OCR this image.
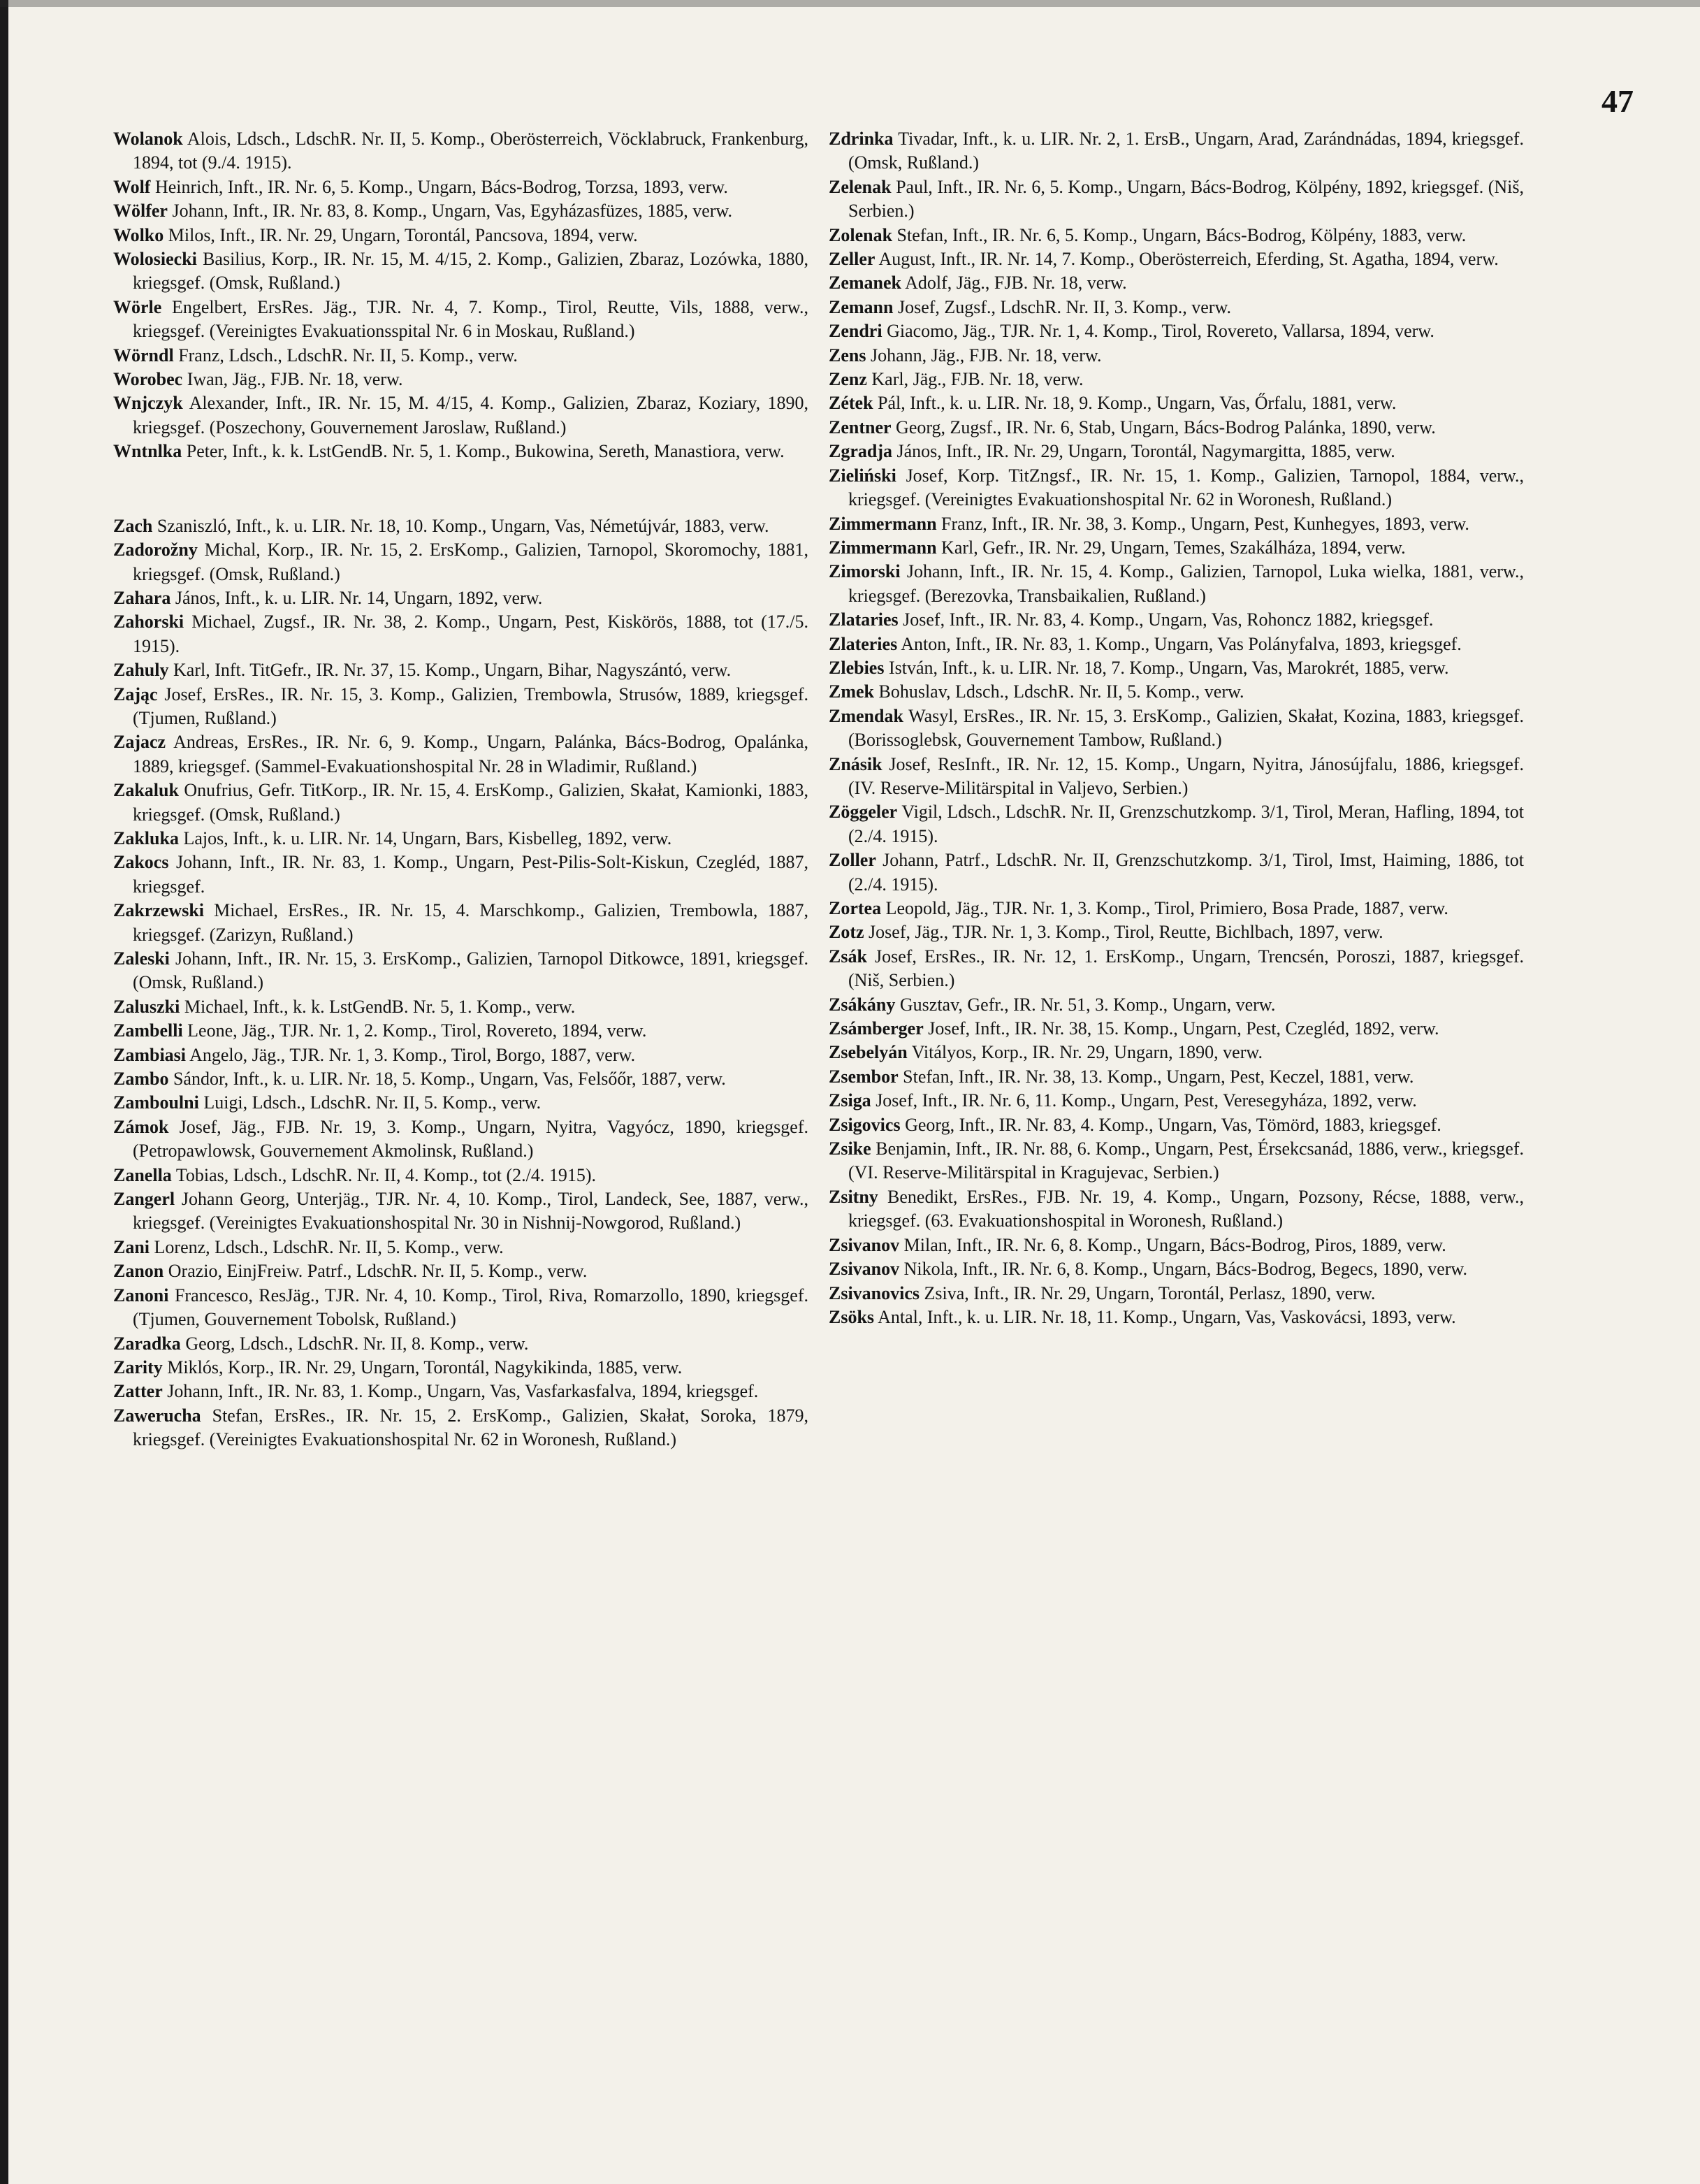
47

Wolanok Alois, Ldsch., LdschR. Nr. II, 5. Komp., Oberösterreich, Vöcklabruck, Frankenburg, 1894, tot (9./4. 1915).

Wolf Heinrich, Inft., IR. Nr. 6, 5. Komp., Ungarn, Bács-Bodrog, Torzsa, 1893, verw.

Wölfer Johann, Inft., IR. Nr. 83, 8. Komp., Ungarn, Vas, Egyházasfüzes, 1885, verw.

Wolko Milos, Inft., IR. Nr. 29, Ungarn, Torontál, Pancsova, 1894, verw.

Wolosiecki Basilius, Korp., IR. Nr. 15, M. 4/15, 2. Komp., Galizien, Zbaraz, Lozówka, 1880, kriegsgef. (Omsk, Rußland.)

Wörle Engelbert, ErsRes. Jäg., TJR. Nr. 4, 7. Komp., Tirol, Reutte, Vils, 1888, verw., kriegsgef. (Vereinigtes Evakuationsspital Nr. 6 in Moskau, Rußland.)

Wörndl Franz, Ldsch., LdschR. Nr. II, 5. Komp., verw.

Worobec Iwan, Jäg., FJB. Nr. 18, verw.

Wnjczyk Alexander, Inft., IR. Nr. 15, M. 4/15, 4. Komp., Galizien, Zbaraz, Koziary, 1890, kriegsgef. (Poszechony, Gouvernement Jaroslaw, Rußland.)

Wntnlka Peter, Inft., k. k. LstGendB. Nr. 5, 1. Komp., Bukowina, Sereth, Manastiora, verw.

Zach Szaniszló, Inft., k. u. LIR. Nr. 18, 10. Komp., Ungarn, Vas, Németújvár, 1883, verw.

Zadorožny Michal, Korp., IR. Nr. 15, 2. ErsKomp., Galizien, Tarnopol, Skoromochy, 1881, kriegsgef. (Omsk, Rußland.)

Zahara János, Inft., k. u. LIR. Nr. 14, Ungarn, 1892, verw.

Zahorski Michael, Zugsf., IR. Nr. 38, 2. Komp., Ungarn, Pest, Kiskörös, 1888, tot (17./5. 1915).

Zahuly Karl, Inft. TitGefr., IR. Nr. 37, 15. Komp., Ungarn, Bihar, Nagyszántó, verw.

Zając Josef, ErsRes., IR. Nr. 15, 3. Komp., Galizien, Trembowla, Strusów, 1889, kriegsgef. (Tjumen, Rußland.)

Zajacz Andreas, ErsRes., IR. Nr. 6, 9. Komp., Ungarn, Palánka, Bács-Bodrog, Opalánka, 1889, kriegsgef. (Sammel-Evakuationshospital Nr. 28 in Wladimir, Rußland.)

Zakaluk Onufrius, Gefr. TitKorp., IR. Nr. 15, 4. ErsKomp., Galizien, Skałat, Kamionki, 1883, kriegsgef. (Omsk, Rußland.)

Zakluka Lajos, Inft., k. u. LIR. Nr. 14, Ungarn, Bars, Kisbelleg, 1892, verw.

Zakocs Johann, Inft., IR. Nr. 83, 1. Komp., Ungarn, Pest-Pilis-Solt-Kiskun, Czegléd, 1887, kriegsgef.

Zakrzewski Michael, ErsRes., IR. Nr. 15, 4. Marschkomp., Galizien, Trembowla, 1887, kriegsgef. (Zarizyn, Rußland.)

Zaleski Johann, Inft., IR. Nr. 15, 3. ErsKomp., Galizien, Tarnopol Ditkowce, 1891, kriegsgef. (Omsk, Rußland.)

Zaluszki Michael, Inft., k. k. LstGendB. Nr. 5, 1. Komp., verw.

Zambelli Leone, Jäg., TJR. Nr. 1, 2. Komp., Tirol, Rovereto, 1894, verw.

Zambiasi Angelo, Jäg., TJR. Nr. 1, 3. Komp., Tirol, Borgo, 1887, verw.

Zambo Sándor, Inft., k. u. LIR. Nr. 18, 5. Komp., Ungarn, Vas, Felsőőr, 1887, verw.

Zamboulni Luigi, Ldsch., LdschR. Nr. II, 5. Komp., verw.

Zámok Josef, Jäg., FJB. Nr. 19, 3. Komp., Ungarn, Nyitra, Vagyócz, 1890, kriegsgef. (Petropawlowsk, Gouvernement Akmolinsk, Rußland.)

Zanella Tobias, Ldsch., LdschR. Nr. II, 4. Komp., tot (2./4. 1915).

Zangerl Johann Georg, Unterjäg., TJR. Nr. 4, 10. Komp., Tirol, Landeck, See, 1887, verw., kriegsgef. (Vereinigtes Evakuationshospital Nr. 30 in Nishnij-Nowgorod, Rußland.)

Zani Lorenz, Ldsch., LdschR. Nr. II, 5. Komp., verw.

Zanon Orazio, EinjFreiw. Patrf., LdschR. Nr. II, 5. Komp., verw.

Zanoni Francesco, ResJäg., TJR. Nr. 4, 10. Komp., Tirol, Riva, Romarzollo, 1890, kriegsgef. (Tjumen, Gouvernement Tobolsk, Rußland.)

Zaradka Georg, Ldsch., LdschR. Nr. II, 8. Komp., verw.

Zarity Miklós, Korp., IR. Nr. 29, Ungarn, Torontál, Nagykikinda, 1885, verw.

Zatter Johann, Inft., IR. Nr. 83, 1. Komp., Ungarn, Vas, Vasfarkasfalva, 1894, kriegsgef.

Zawerucha Stefan, ErsRes., IR. Nr. 15, 2. ErsKomp., Galizien, Skałat, Soroka, 1879, kriegsgef. (Vereinigtes Evakuationshospital Nr. 62 in Woronesh, Rußland.)

Zdrinka Tivadar, Inft., k. u. LIR. Nr. 2, 1. ErsB., Ungarn, Arad, Zarándnádas, 1894, kriegsgef. (Omsk, Rußland.)

Zelenak Paul, Inft., IR. Nr. 6, 5. Komp., Ungarn, Bács-Bodrog, Kölpény, 1892, kriegsgef. (Niš, Serbien.)

Zolenak Stefan, Inft., IR. Nr. 6, 5. Komp., Ungarn, Bács-Bodrog, Kölpény, 1883, verw.

Zeller August, Inft., IR. Nr. 14, 7. Komp., Oberösterreich, Eferding, St. Agatha, 1894, verw.

Zemanek Adolf, Jäg., FJB. Nr. 18, verw.

Zemann Josef, Zugsf., LdschR. Nr. II, 3. Komp., verw.

Zendri Giacomo, Jäg., TJR. Nr. 1, 4. Komp., Tirol, Rovereto, Vallarsa, 1894, verw.

Zens Johann, Jäg., FJB. Nr. 18, verw.

Zenz Karl, Jäg., FJB. Nr. 18, verw.

Zétek Pál, Inft., k. u. LIR. Nr. 18, 9. Komp., Ungarn, Vas, Őrfalu, 1881, verw.

Zentner Georg, Zugsf., IR. Nr. 6, Stab, Ungarn, Bács-Bodrog Palánka, 1890, verw.

Zgradja János, Inft., IR. Nr. 29, Ungarn, Torontál, Nagymargitta, 1885, verw.

Zieliński Josef, Korp. TitZngsf., IR. Nr. 15, 1. Komp., Galizien, Tarnopol, 1884, verw., kriegsgef. (Vereinigtes Evakuationshospital Nr. 62 in Woronesh, Rußland.)

Zimmermann Franz, Inft., IR. Nr. 38, 3. Komp., Ungarn, Pest, Kunhegyes, 1893, verw.

Zimmermann Karl, Gefr., IR. Nr. 29, Ungarn, Temes, Szakálháza, 1894, verw.

Zimorski Johann, Inft., IR. Nr. 15, 4. Komp., Galizien, Tarnopol, Luka wielka, 1881, verw., kriegsgef. (Berezovka, Transbaikalien, Rußland.)

Zlataries Josef, Inft., IR. Nr. 83, 4. Komp., Ungarn, Vas, Rohoncz 1882, kriegsgef.

Zlateries Anton, Inft., IR. Nr. 83, 1. Komp., Ungarn, Vas Polányfalva, 1893, kriegsgef.

Zlebies István, Inft., k. u. LIR. Nr. 18, 7. Komp., Ungarn, Vas, Marokrét, 1885, verw.

Zmek Bohuslav, Ldsch., LdschR. Nr. II, 5. Komp., verw.

Zmendak Wasyl, ErsRes., IR. Nr. 15, 3. ErsKomp., Galizien, Skałat, Kozina, 1883, kriegsgef. (Borissoglebsk, Gouvernement Tambow, Rußland.)

Znásik Josef, ResInft., IR. Nr. 12, 15. Komp., Ungarn, Nyitra, Jánosújfalu, 1886, kriegsgef. (IV. Reserve-Militärspital in Valjevo, Serbien.)

Zöggeler Vigil, Ldsch., LdschR. Nr. II, Grenzschutzkomp. 3/1, Tirol, Meran, Hafling, 1894, tot (2./4. 1915).

Zoller Johann, Patrf., LdschR. Nr. II, Grenzschutzkomp. 3/1, Tirol, Imst, Haiming, 1886, tot (2./4. 1915).

Zortea Leopold, Jäg., TJR. Nr. 1, 3. Komp., Tirol, Primiero, Bosa Prade, 1887, verw.

Zotz Josef, Jäg., TJR. Nr. 1, 3. Komp., Tirol, Reutte, Bichlbach, 1897, verw.

Zsák Josef, ErsRes., IR. Nr. 12, 1. ErsKomp., Ungarn, Trencsén, Poroszi, 1887, kriegsgef. (Niš, Serbien.)

Zsákány Gusztav, Gefr., IR. Nr. 51, 3. Komp., Ungarn, verw.

Zsámberger Josef, Inft., IR. Nr. 38, 15. Komp., Ungarn, Pest, Czegléd, 1892, verw.

Zsebelyán Vitályos, Korp., IR. Nr. 29, Ungarn, 1890, verw.

Zsembor Stefan, Inft., IR. Nr. 38, 13. Komp., Ungarn, Pest, Keczel, 1881, verw.

Zsiga Josef, Inft., IR. Nr. 6, 11. Komp., Ungarn, Pest, Veresegyháza, 1892, verw.

Zsigovics Georg, Inft., IR. Nr. 83, 4. Komp., Ungarn, Vas, Tömörd, 1883, kriegsgef.

Zsike Benjamin, Inft., IR. Nr. 88, 6. Komp., Ungarn, Pest, Érsekcsanád, 1886, verw., kriegsgef. (VI. Reserve-Militärspital in Kragujevac, Serbien.)

Zsitny Benedikt, ErsRes., FJB. Nr. 19, 4. Komp., Ungarn, Pozsony, Récse, 1888, verw., kriegsgef. (63. Evakuationshospital in Woronesh, Rußland.)

Zsivanov Milan, Inft., IR. Nr. 6, 8. Komp., Ungarn, Bács-Bodrog, Piros, 1889, verw.

Zsivanov Nikola, Inft., IR. Nr. 6, 8. Komp., Ungarn, Bács-Bodrog, Begecs, 1890, verw.

Zsivanovics Zsiva, Inft., IR. Nr. 29, Ungarn, Torontál, Perlasz, 1890, verw.

Zsöks Antal, Inft., k. u. LIR. Nr. 18, 11. Komp., Ungarn, Vas, Vaskovácsi, 1893, verw.
